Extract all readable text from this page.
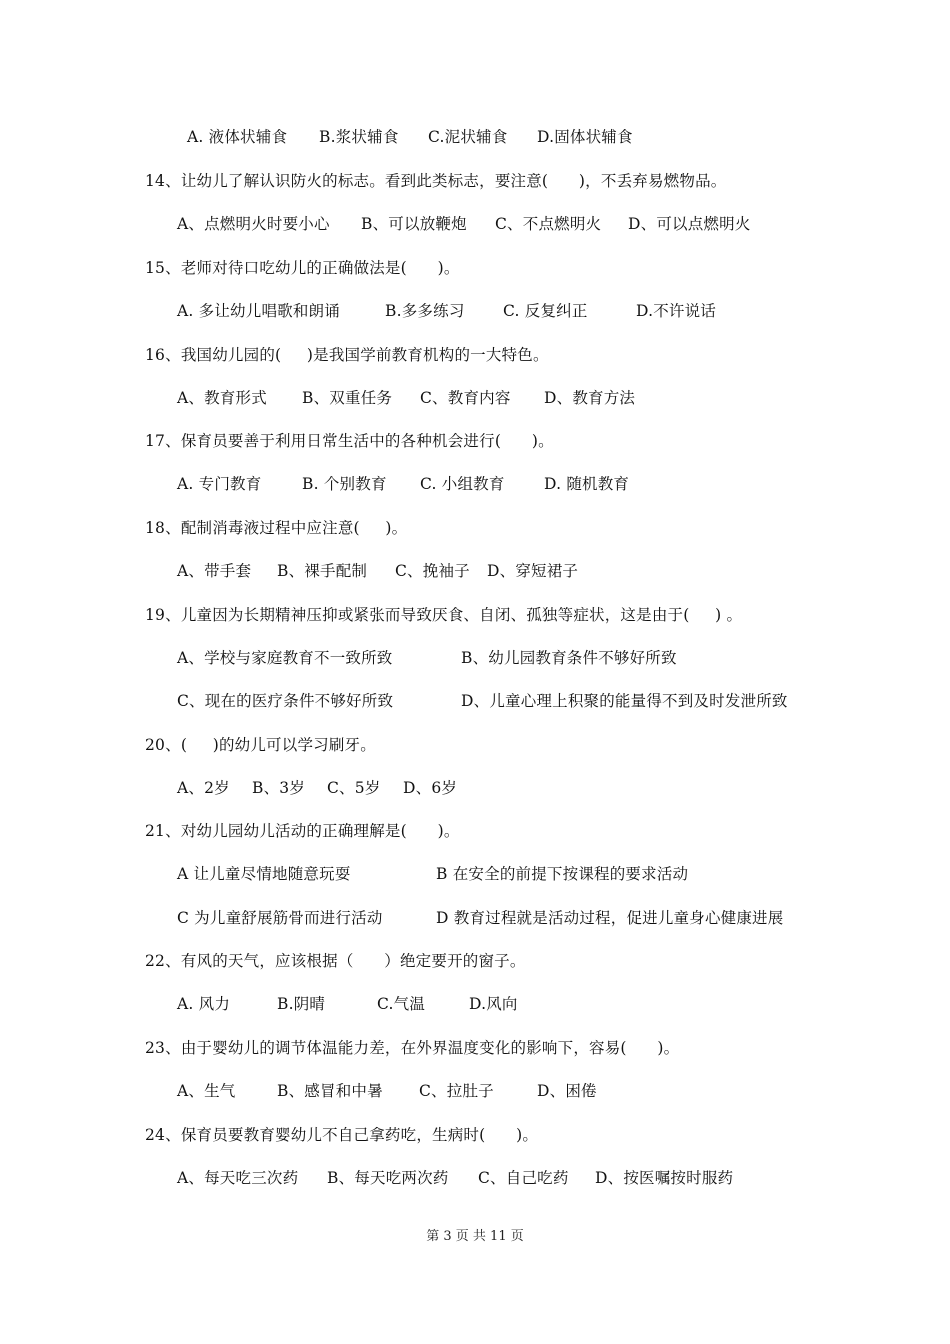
A. 液体状辅食

B.浆状辅食

C.泥状辅食

D.固体状辅食

14、让幼儿了解认识防火的标志。看到此类标志，要注意(      )，不丢弃易燃物品。

A、点燃明火时要小心

B、可以放鞭炮

C、不点燃明火

D、可以点燃明火

15、老师对待口吃幼儿的正确做法是(      )。

A. 多让幼儿唱歌和朗诵

	B.多多练习

C. 反复纠正

	D.不许说话

16、我国幼儿园的(     )是我国学前教育机构的一大特色。

A、教育形式

B、双重任务

C、教育内容

D、教育方法

17、保育员要善于利用日常生活中的各种机会进行(      )。

A. 专门教育

	B. 个别教育

C. 小组教育

	D. 随机教育

18、配制消毒液过程中应注意(     )。

A、带手套

B、裸手配制

C、挽袖子

D、穿短裙子

19、儿童因为长期精神压抑或紧张而导致厌食、自闭、孤独等症状，这是由于(     ) 。

A、学校与家庭教育不一致所致

	B、幼儿园教育条件不够好所致

C、现在的医疗条件不够好所致

	D、儿童心理上积聚的能量得不到及时发泄所致

20、(     )的幼儿可以学习刷牙。

A、2岁

B、3岁

C、5岁

D、6岁

21、对幼儿园幼儿活动的正确理解是(      )。

A 让儿童尽情地随意玩耍

	B 在安全的前提下按课程的要求活动

C 为儿童舒展筋骨而进行活动

	D 教育过程就是活动过程，促进儿童身心健康进展

22、有风的天气，应该根据（      ）绝定要开的窗子。

A. 风力

	B.阴晴

	C.气温

	D.风向

23、由于婴幼儿的调节体温能力差，在外界温度变化的影响下，容易(      )。

A、生气

	B、感冒和中暑

C、拉肚子

	D、困倦

24、保育员要教育婴幼儿不自己拿药吃，生病时(      )。

A、每天吃三次药

B、每天吃两次药

C、自己吃药

D、按医嘱按时服药

第 3 页 共 11 页
